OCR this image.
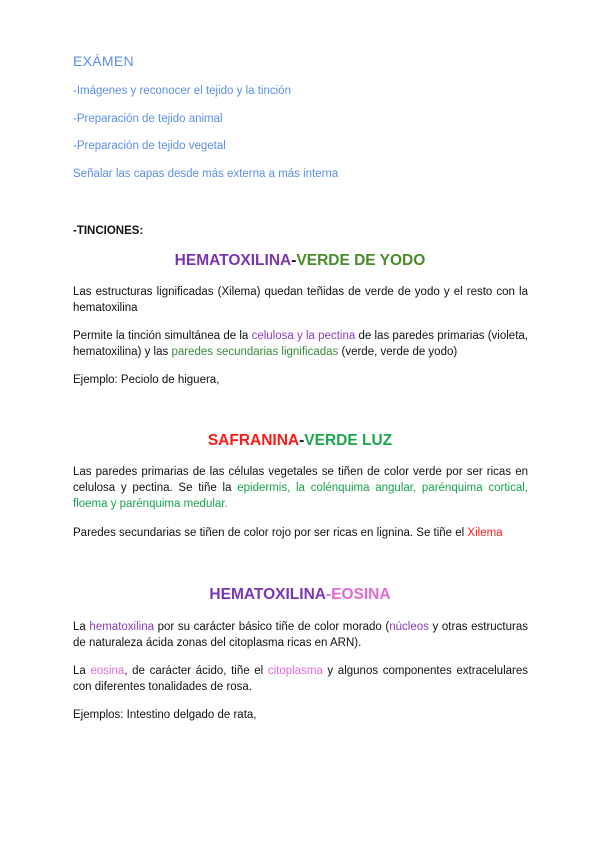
EXÁMEN

-Imágenes y reconocer el tejido y la tinción

-Preparación de tejido animal

-Preparación de tejido vegetal

Señalar las capas desde más externa a más interna

-TINCIONES:

HEMATOXILINA-VERDE DE YODO

Las estructuras lignificadas (Xilema) quedan teñidas de verde de yodo y el resto con la hematoxilina

Permite la tinción simultánea de la celulosa y la pectina de las paredes primarias (violeta, hematoxilina) y las paredes secundarias lignificadas (verde, verde de yodo)

Ejemplo: Peciolo de higuera,

SAFRANINA-VERDE LUZ

Las paredes primarias de las células vegetales se tiñen de color verde por ser ricas en celulosa y pectina. Se tiñe la epidermis, la colénquima angular, parénquima cortical, floema y parénquima medular.

Paredes secundarias se tiñen de color rojo por ser ricas en lignina. Se tiñe el Xilema

HEMATOXILINA-EOSINA

La hematoxilina por su carácter básico tiñe de color morado (núcleos y otras estructuras de naturaleza ácida zonas del citoplasma ricas en ARN).

La eosina, de carácter ácido, tiñe el citoplasma y algunos componentes extracelulares con diferentes tonalidades de rosa.

Ejemplos: Intestino delgado de rata,
